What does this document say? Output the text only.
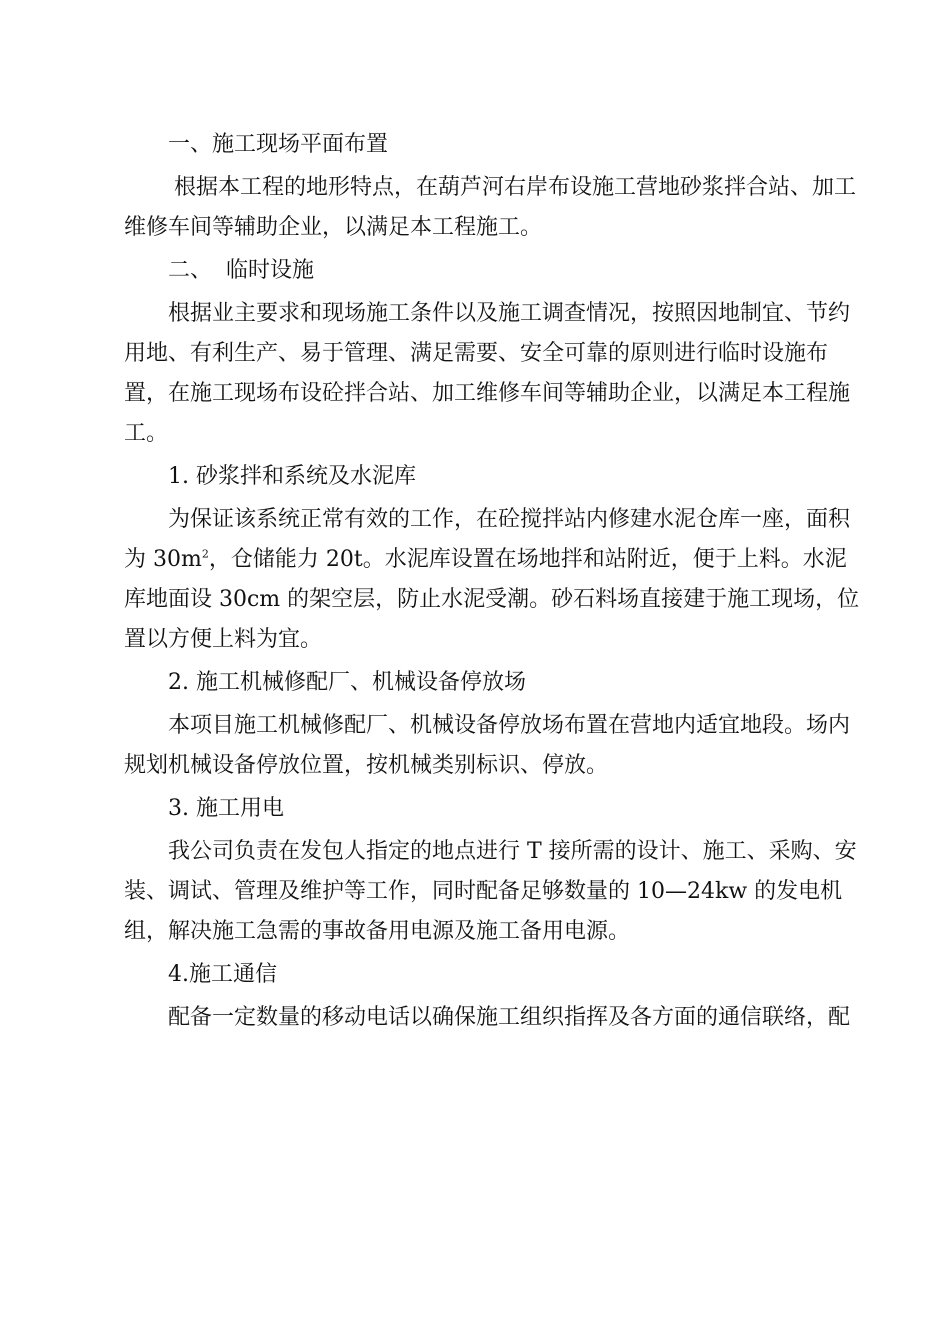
一、施工现场平面布置

根据本工程的地形特点，在葫芦河右岸布设施工营地砂浆拌合站、加工维修车间等辅助企业，以满足本工程施工。

二、 临时设施

根据业主要求和现场施工条件以及施工调查情况，按照因地制宜、节约用地、有利生产、易于管理、满足需要、安全可靠的原则进行临时设施布置，在施工现场布设砼拌合站、加工维修车间等辅助企业，以满足本工程施工。

1. 砂浆拌和系统及水泥库

为保证该系统正常有效的工作，在砼搅拌站内修建水泥仓库一座，面积为 $30m^2$，仓储能力 20t。水泥库设置在场地拌和站附近，便于上料。水泥库地面设 30cm 的架空层，防止水泥受潮。砂石料场直接建于施工现场，位置以方便上料为宜。

2. 施工机械修配厂、机械设备停放场

本项目施工机械修配厂、机械设备停放场布置在营地内适宜地段。场内规划机械设备停放位置，按机械类别标识、停放。

3. 施工用电

我公司负责在发包人指定的地点进行 T 接所需的设计、施工、采购、安装、调试、管理及维护等工作，同时配备足够数量的 10—24kw 的发电机组，解决施工急需的事故备用电源及施工备用电源。

4.施工通信

配备一定数量的移动电话以确保施工组织指挥及各方面的通信联络，配
